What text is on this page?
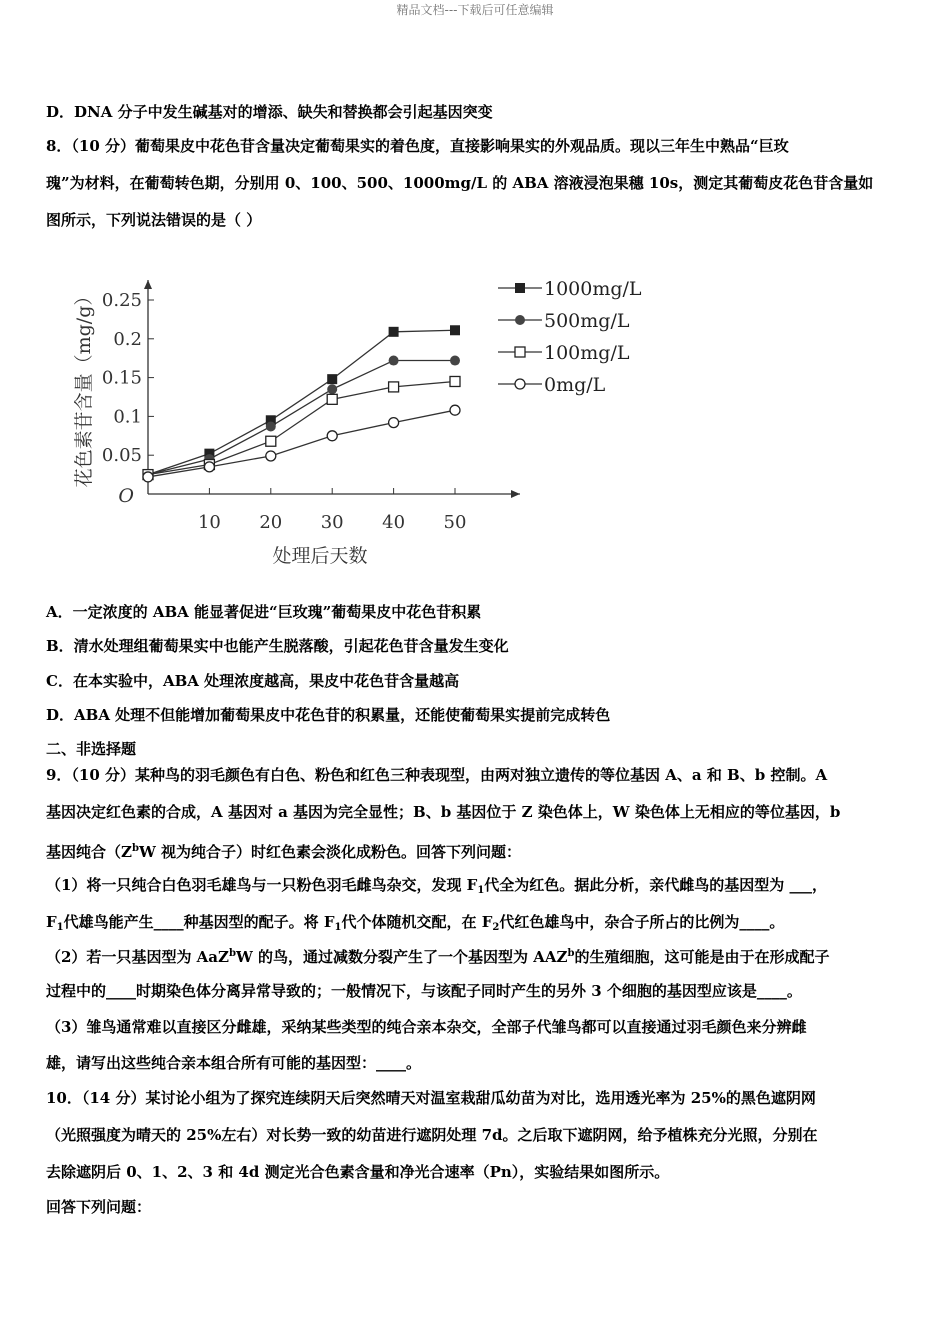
精品文档---下载后可任意编辑
D．DNA 分子中发生碱基对的增添、缺失和替换都会引起基因突变
8．（10 分）葡萄果皮中花色苷含量决定葡萄果实的着色度，直接影响果实的外观品质。现以三年生中熟品“巨玫
瑰”为材料，在葡萄转色期，分别用 0、100、500、1000mg/L 的 ABA 溶液浸泡果穗 10s，测定其葡萄皮花色苷含量如
图所示，下列说法错误的是（ ）
0.05
0.1
0.15
0.2
0.25
10 20 30 40 50
O
处理后天数
花色素苷含量（mg/g）	1000mg/L
500mg/L
100mg/L
0mg/L
A．一定浓度的 ABA 能显著促进“巨玫瑰”葡萄果皮中花色苷积累
B．清水处理组葡萄果实中也能产生脱落酸，引起花色苷含量发生变化
C．在本实验中，ABA 处理浓度越高，果皮中花色苷含量越高
D．ABA 处理不但能增加葡萄果皮中花色苷的积累量，还能使葡萄果实提前完成转色
二、非选择题
9．（10 分）某种鸟的羽毛颜色有白色、粉色和红色三种表现型，由两对独立遗传的等位基因 A、a 和 B、b 控制。A
基因决定红色素的合成，A 基因对 a 基因为完全显性；B、b 基因位于 Z 染色体上，W 染色体上无相应的等位基因，b
基因纯合（$Z^bW$ 视为纯合子）时红色素会淡化成粉色。回答下列问题：
（1）将一只纯合白色羽毛雄鸟与一只粉色羽毛雌鸟杂交，发现 $F_1$代全为红色。据此分析，亲代雌鸟的基因型为 ___，
$F_1$代雄鸟能产生____种基因型的配子。将 $F_1$代个体随机交配，在 $F_2$代红色雄鸟中，杂合子所占的比例为____。
（2）若一只基因型为 AaZ$^b$W 的鸟，通过减数分裂产生了一个基因型为 AAZ$^b$的生殖细胞，这可能是由于在形成配子
过程中的____时期染色体分离异常导致的；一般情况下，与该配子同时产生的另外 3 个细胞的基因型应该是____。
（3）雏鸟通常难以直接区分雌雄，采纳某些类型的纯合亲本杂交，全部子代雏鸟都可以直接通过羽毛颜色来分辨雌
雄，请写出这些纯合亲本组合所有可能的基因型：____。
10．（14 分）某讨论小组为了探究连续阴天后突然晴天对温室栽甜瓜幼苗为对比，选用透光率为 25%的黑色遮阴网
（光照强度为晴天的 25%左右）对长势一致的幼苗进行遮阴处理 7d。之后取下遮阴网，给予植株充分光照，分别在
去除遮阴后 0、1、2、3 和 4d 测定光合色素含量和净光合速率（Pn），实验结果如图所示。
回答下列问题：
